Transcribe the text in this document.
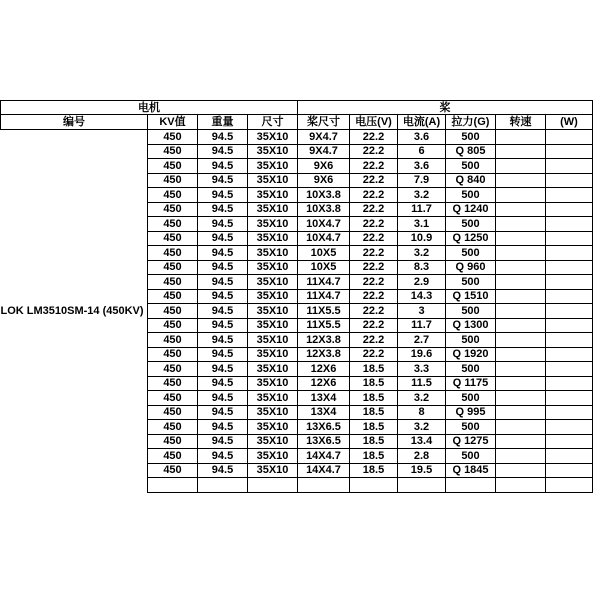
电机				桨					
编号	KV值	重量	尺寸	桨尺寸	电压(V)	电流(A)	拉力(G)	转速	(W)
	450	94.5	35X10	9X4.7	22.2	3.6	500		
	450	94.5	35X10	9X4.7	22.2	6	Q 805		
	450	94.5	35X10	9X6	22.2	3.6	500		
	450	94.5	35X10	9X6	22.2	7.9	Q 840		
	450	94.5	35X10	10X3.8	22.2	3.2	500		
	450	94.5	35X10	10X3.8	22.2	11.7	Q 1240		
	450	94.5	35X10	10X4.7	22.2	3.1	500		
	450	94.5	35X10	10X4.7	22.2	10.9	Q 1250		
	450	94.5	35X10	10X5	22.2	3.2	500		
	450	94.5	35X10	10X5	22.2	8.3	Q 960		
	450	94.5	35X10	11X4.7	22.2	2.9	500		
	450	94.5	35X10	11X4.7	22.2	14.3	Q 1510		
LOK LM3510SM-14 (450KV)	450	94.5	35X10	11X5.5	22.2	3	500		
	450	94.5	35X10	11X5.5	22.2	11.7	Q 1300		
	450	94.5	35X10	12X3.8	22.2	2.7	500		
	450	94.5	35X10	12X3.8	22.2	19.6	Q 1920		
	450	94.5	35X10	12X6	18.5	3.3	500		
	450	94.5	35X10	12X6	18.5	11.5	Q 1175		
	450	94.5	35X10	13X4	18.5	3.2	500		
	450	94.5	35X10	13X4	18.5	8	Q 995		
	450	94.5	35X10	13X6.5	18.5	3.2	500		
	450	94.5	35X10	13X6.5	18.5	13.4	Q 1275		
	450	94.5	35X10	14X4.7	18.5	2.8	500		
	450	94.5	35X10	14X4.7	18.5	19.5	Q 1845		
